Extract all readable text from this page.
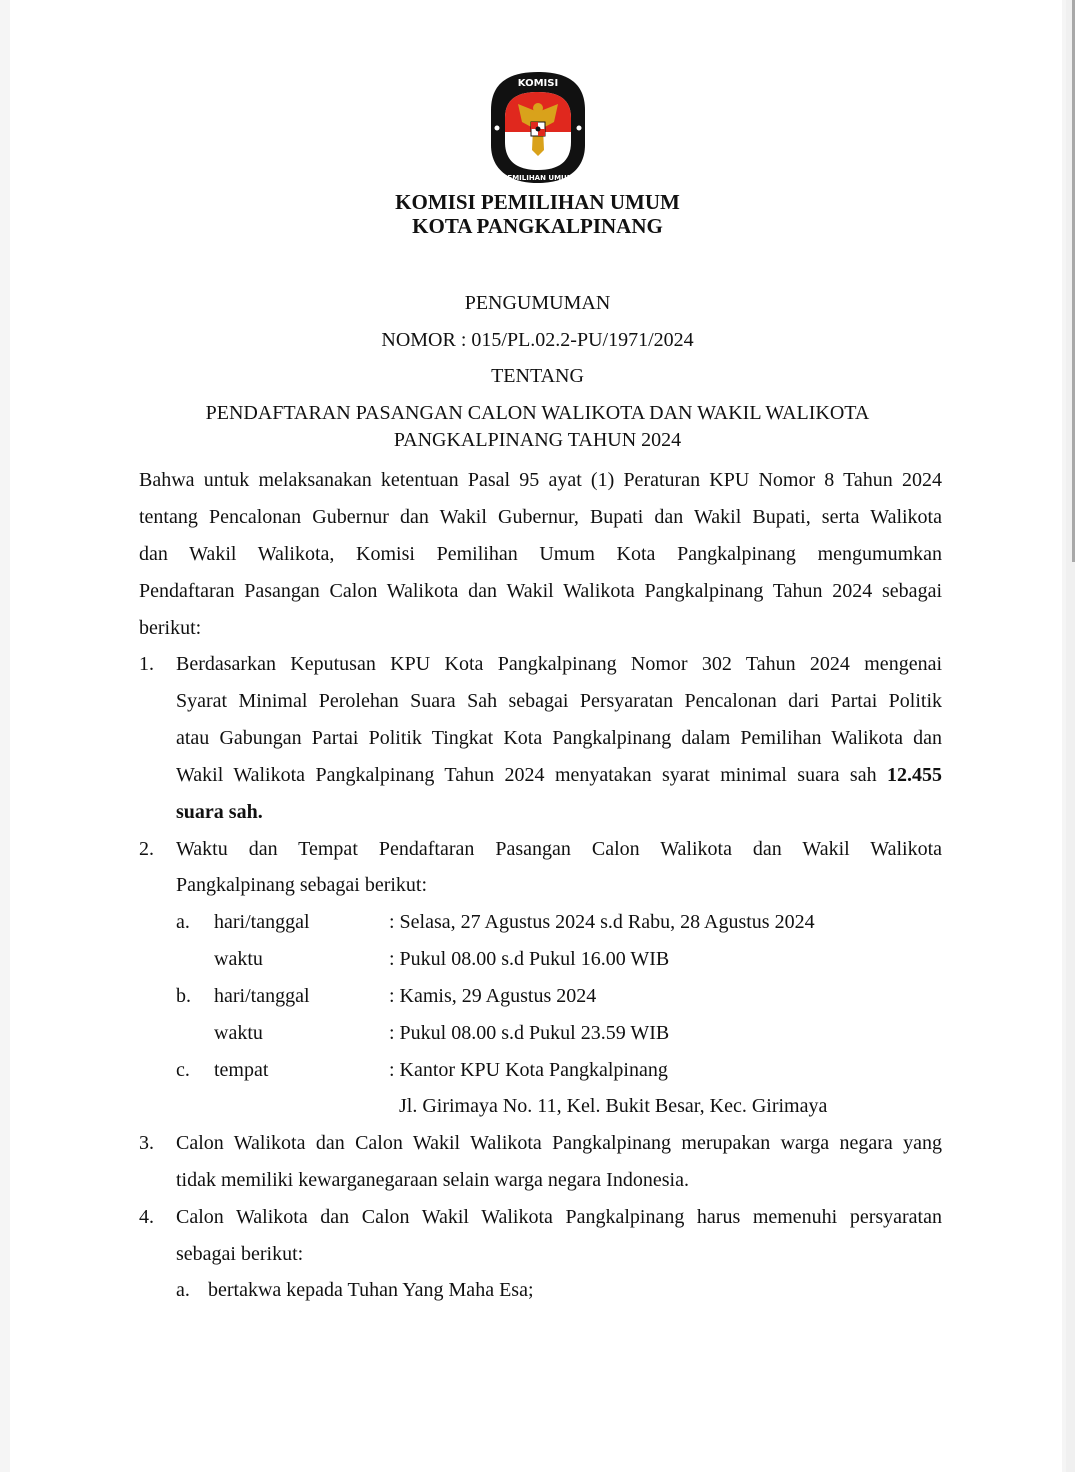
KOMISI
PEMILIHAN UMUM
KOMISI PEMILIHAN UMUM
KOTA PANGKALPINANG
PENGUMUMAN
NOMOR : 015/PL.02.2-PU/1971/2024
TENTANG
PENDAFTARAN PASANGAN CALON WALIKOTA DAN WAKIL WALIKOTA
PANGKALPINANG TAHUN 2024
Bahwa untuk melaksanakan ketentuan Pasal 95 ayat (1) Peraturan KPU Nomor 8 Tahun 2024
tentang Pencalonan Gubernur dan Wakil Gubernur, Bupati dan Wakil Bupati, serta Walikota
dan Wakil Walikota, Komisi Pemilihan Umum Kota Pangkalpinang mengumumkan
Pendaftaran Pasangan Calon Walikota dan Wakil Walikota Pangkalpinang Tahun 2024 sebagai
berikut:
1. Berdasarkan Keputusan KPU Kota Pangkalpinang Nomor 302 Tahun 2024 mengenai
Syarat Minimal Perolehan Suara Sah sebagai Persyaratan Pencalonan dari Partai Politik
atau Gabungan Partai Politik Tingkat Kota Pangkalpinang dalam Pemilihan Walikota dan
Wakil Walikota Pangkalpinang Tahun 2024 menyatakan syarat minimal suara sah 12.455
suara sah.
2. Waktu dan Tempat Pendaftaran Pasangan Calon Walikota dan Wakil Walikota
Pangkalpinang sebagai berikut:
a. hari/tanggal	: Selasa, 27 Agustus 2024 s.d Rabu, 28 Agustus 2024
waktu	: Pukul 08.00 s.d Pukul 16.00 WIB
b. hari/tanggal	: Kamis, 29 Agustus 2024
waktu	: Pukul 08.00 s.d Pukul 23.59 WIB
c. tempat	: Kantor KPU Kota Pangkalpinang
Jl. Girimaya No. 11, Kel. Bukit Besar, Kec. Girimaya
3. Calon Walikota dan Calon Wakil Walikota Pangkalpinang merupakan warga negara yang
tidak memiliki kewarganegaraan selain warga negara Indonesia.
4. Calon Walikota dan Calon Wakil Walikota Pangkalpinang harus memenuhi persyaratan
sebagai berikut:
a. bertakwa kepada Tuhan Yang Maha Esa;
